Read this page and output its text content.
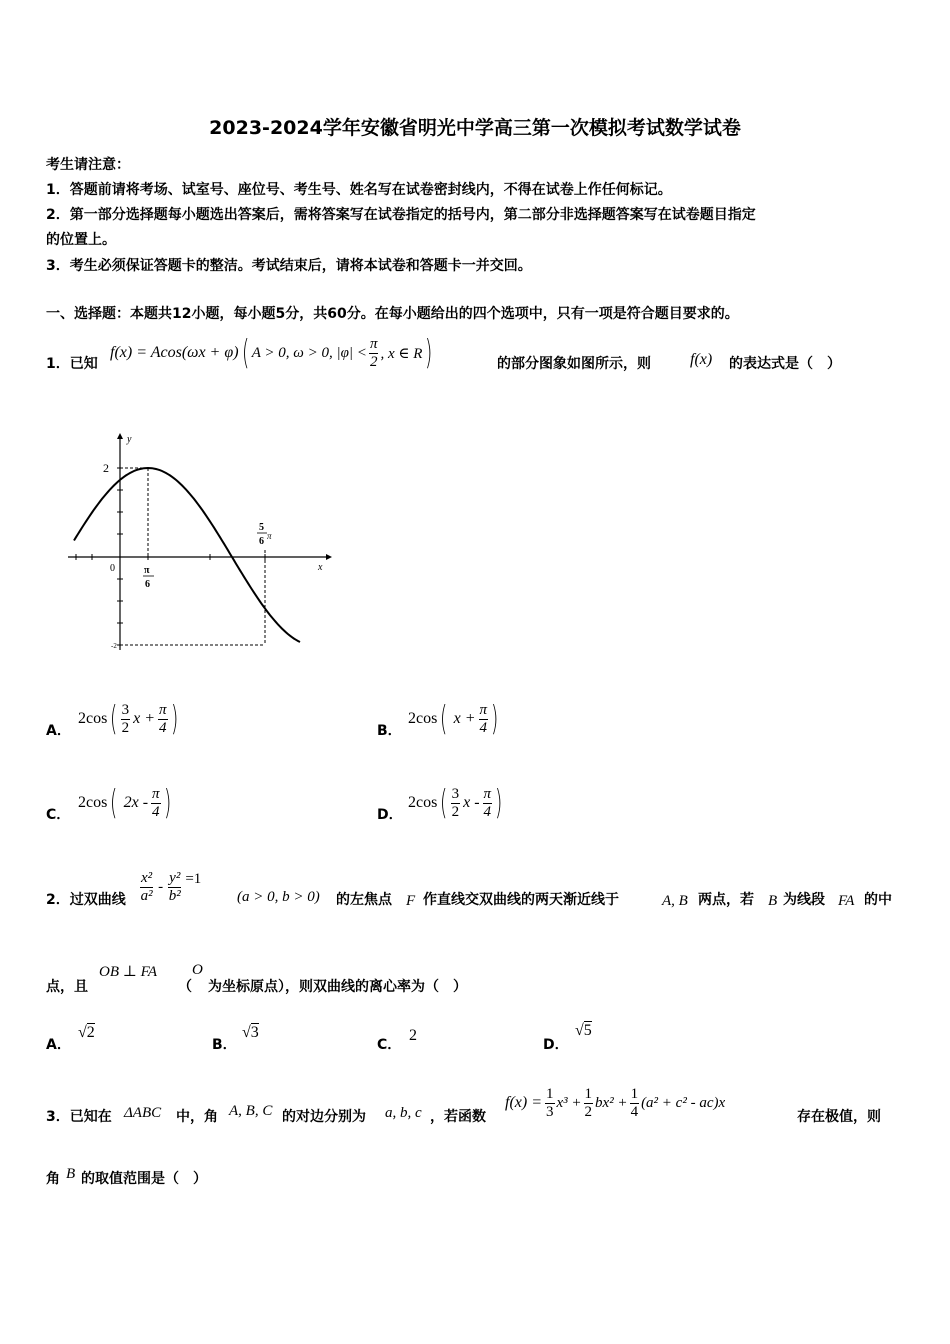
2023-2024学年安徽省明光中学高三第一次模拟考试数学试卷
考生请注意：
1．答题前请将考场、试室号、座位号、考生号、姓名写在试卷密封线内，不得在试卷上作任何标记。
2．第一部分选择题每小题选出答案后，需将答案写在试卷指定的括号内，第二部分非选择题答案写在试卷题目指定
的位置上。
3．考生必须保证答题卡的整洁。考试结束后，请将本试卷和答题卡一并交回。
一、选择题：本题共12小题，每小题5分，共60分。在每小题给出的四个选项中，只有一项是符合题目要求的。
1．已知
f(x) = Acos(ωx + φ) ( A > 0, ω > 0, $|\varphi| < \frac{\pi}{2}$ , x ∈ R )	的部分图象如图所示，则 f(x) 的表达式是（　）
y
x
0
2
π
6
5
6 π
-2
A．
2cos ( $\frac{3}{2}$ $x + \frac{\pi}{4}$ )	B．
2cos ( $x + \frac{\pi}{4}$ )
C．
2cos ( $2x - \frac{\pi}{4}$ )	D．
2cos ( $\frac{3}{2}$ x - $\frac{\pi}{4}$ )
2．过双曲线 $\frac{\text{x²}}{\text{a²}} - \frac{\text{y²}}{\text{b²}} =1$
(a > 0, b > 0) 的左焦点 F 作直线交双曲线的两天渐近线于	A, B 两点，若 B 为线段 FA 的中
点，且
OB ⊥ FA
（
O
为坐标原点），则双曲线的离心率为（　）
A．
√2
B．
√3
C．
2
D．
√5
3．已知在 ΔABC 中，角 A, B, C 的对边分别为 a, b, c ，若函数
$f(x) = \frac{1}{3} x^3 + \frac{1}{2} bx^2 + \frac{1}{4} (a^2 + c^2 - ac)x$
存在极值，则
角 B 的取值范围是（　）
